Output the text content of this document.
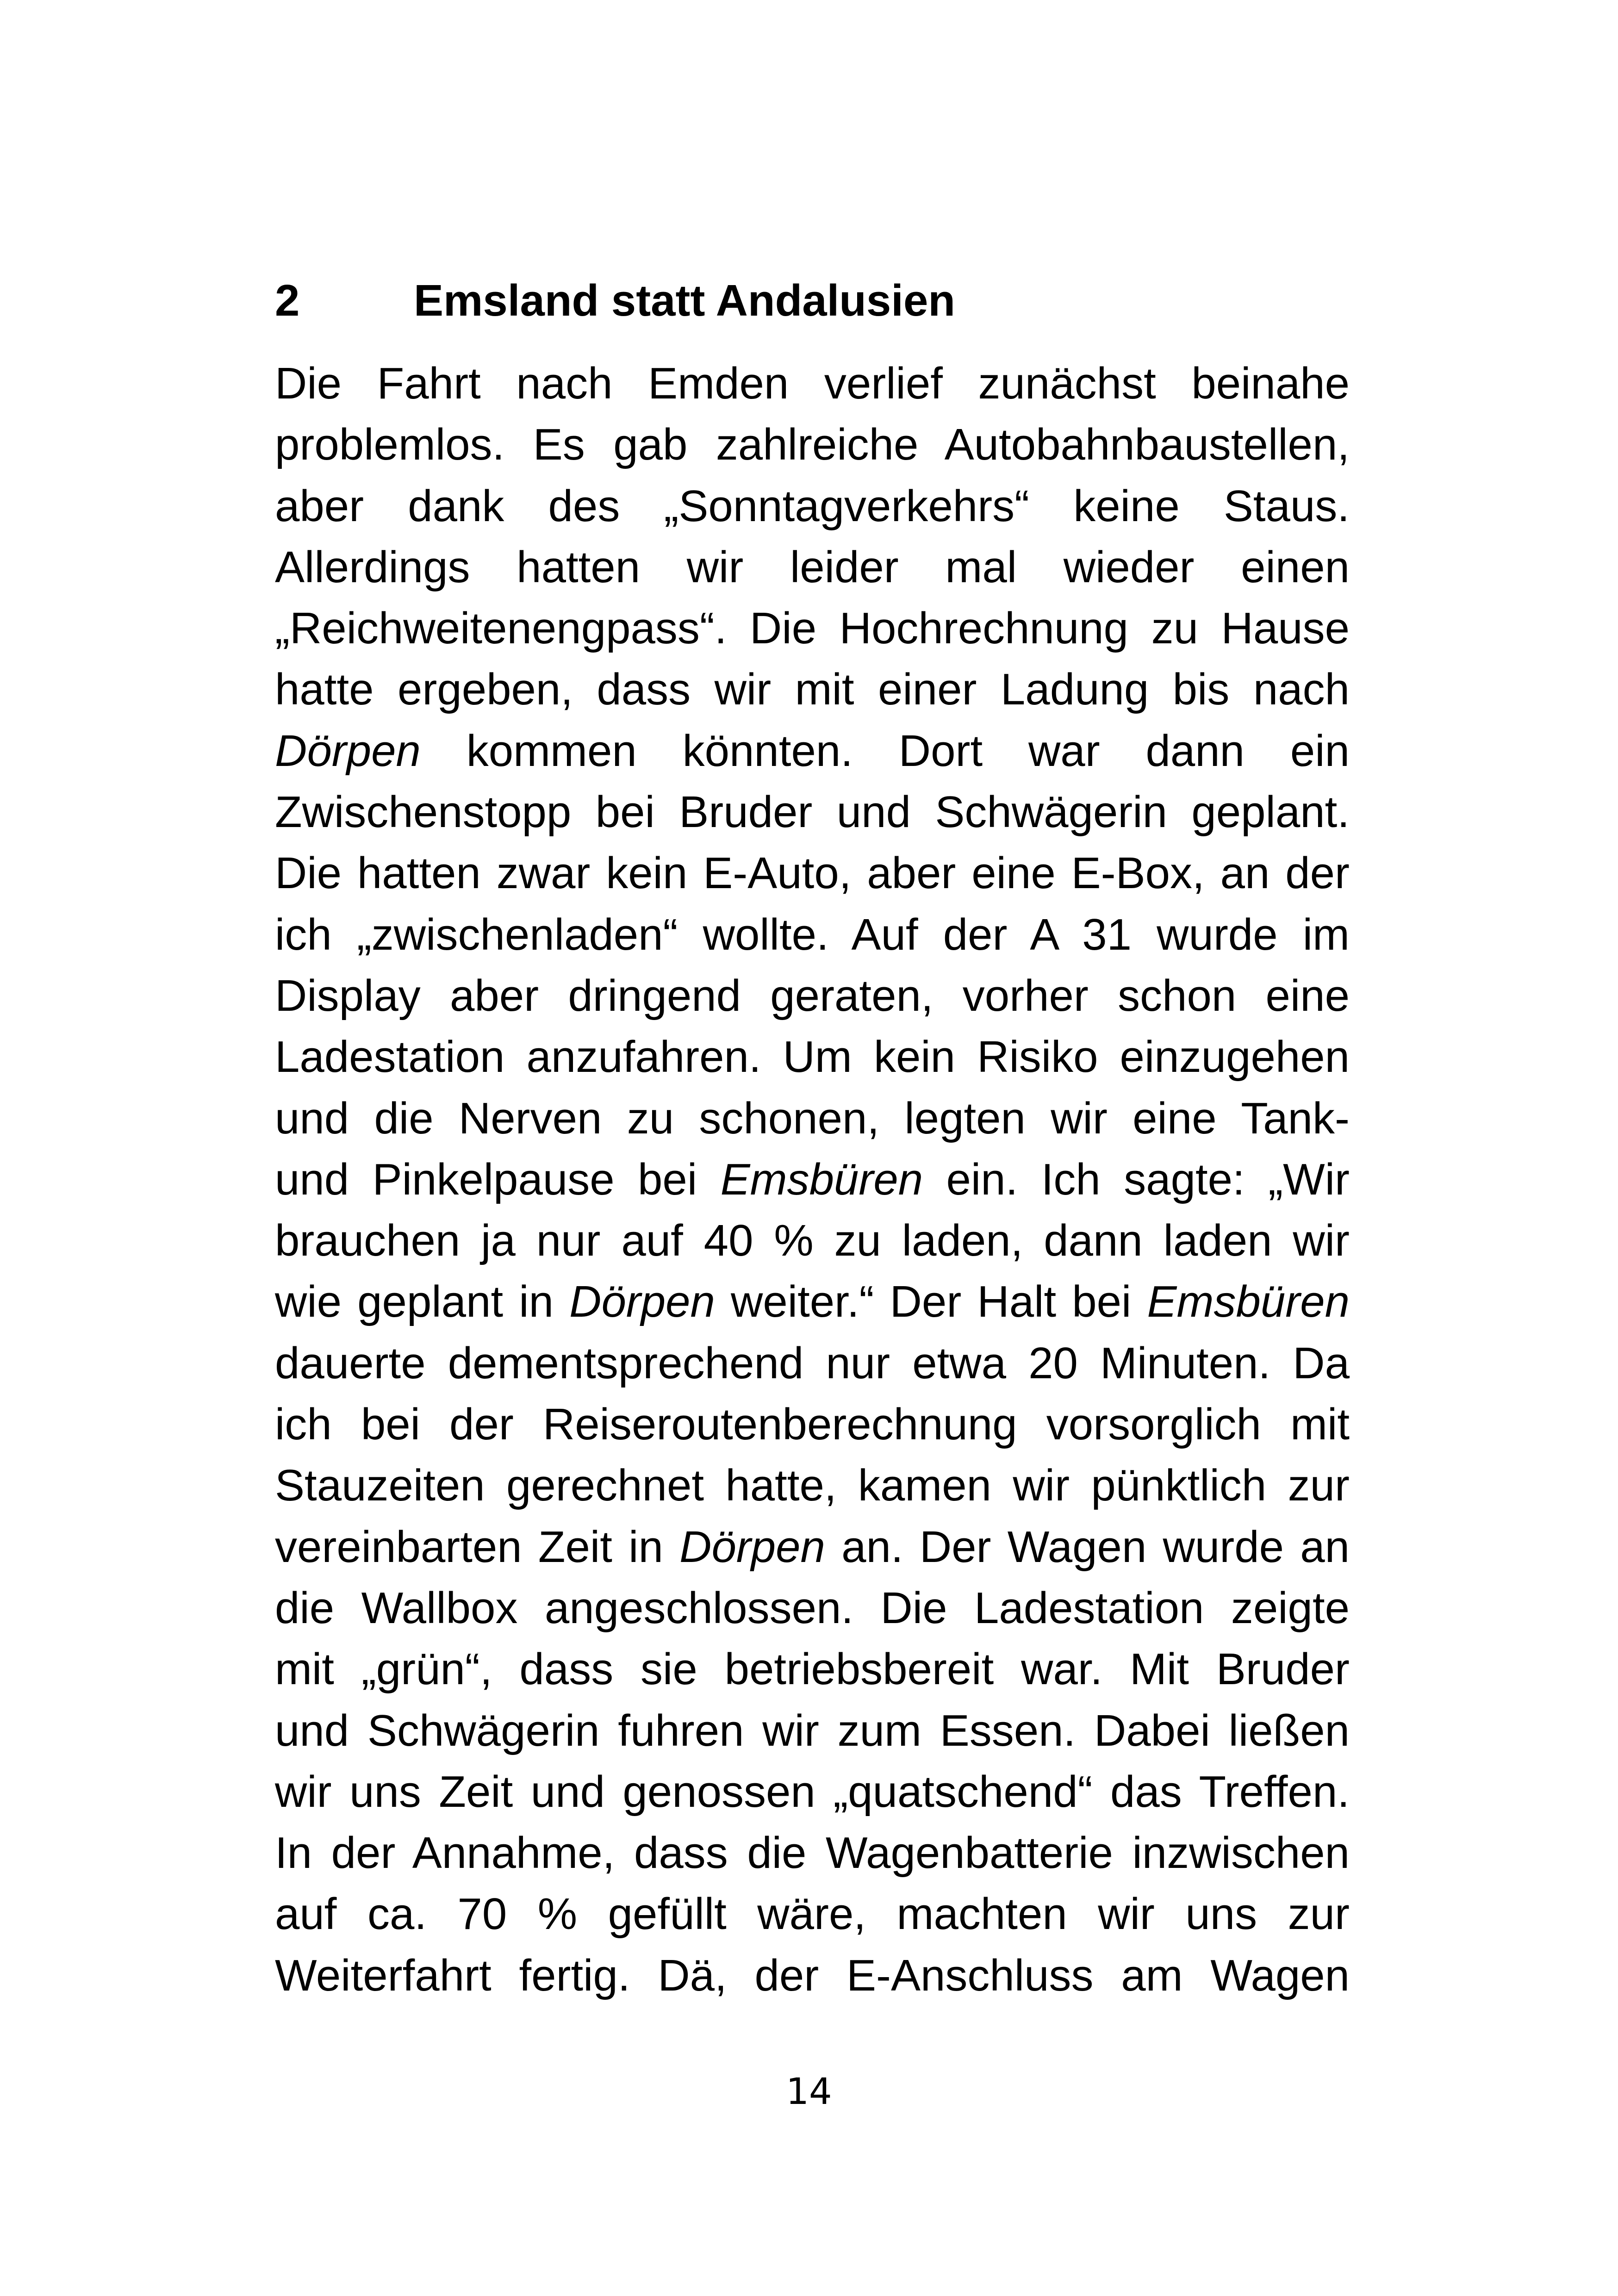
2	Emsland statt Andalusien
Die Fahrt nach Emden verlief zunächst beinahe
problemlos. Es gab zahlreiche Autobahnbaustellen,
aber dank des „Sonntagverkehrs“ keine Staus.
Allerdings hatten wir leider mal wieder einen
„Reichweitenengpass“. Die Hochrechnung zu Hause
hatte ergeben, dass wir mit einer Ladung bis nach
Dörpen kommen könnten. Dort war dann ein
Zwischenstopp bei Bruder und Schwägerin geplant.
Die hatten zwar kein E-Auto, aber eine E-Box, an der
ich „zwischenladen“ wollte. Auf der A 31 wurde im
Display aber dringend geraten, vorher schon eine
Ladestation anzufahren. Um kein Risiko einzugehen
und die Nerven zu schonen, legten wir eine Tank-
und Pinkelpause bei Emsbüren ein. Ich sagte: „Wir
brauchen ja nur auf 40 % zu laden, dann laden wir
wie geplant in Dörpen weiter.“ Der Halt bei Emsbüren
dauerte dementsprechend nur etwa 20 Minuten. Da
ich bei der Reiseroutenberechnung vorsorglich mit
Stauzeiten gerechnet hatte, kamen wir pünktlich zur
vereinbarten Zeit in Dörpen an. Der Wagen wurde an
die Wallbox angeschlossen. Die Ladestation zeigte
mit „grün“, dass sie betriebsbereit war. Mit Bruder
und Schwägerin fuhren wir zum Essen. Dabei ließen
wir uns Zeit und genossen „quatschend“ das Treffen.
In der Annahme, dass die Wagenbatterie inzwischen
auf ca. 70 % gefüllt wäre, machten wir uns zur
Weiterfahrt fertig. Dä, der E-Anschluss am Wagen
14
